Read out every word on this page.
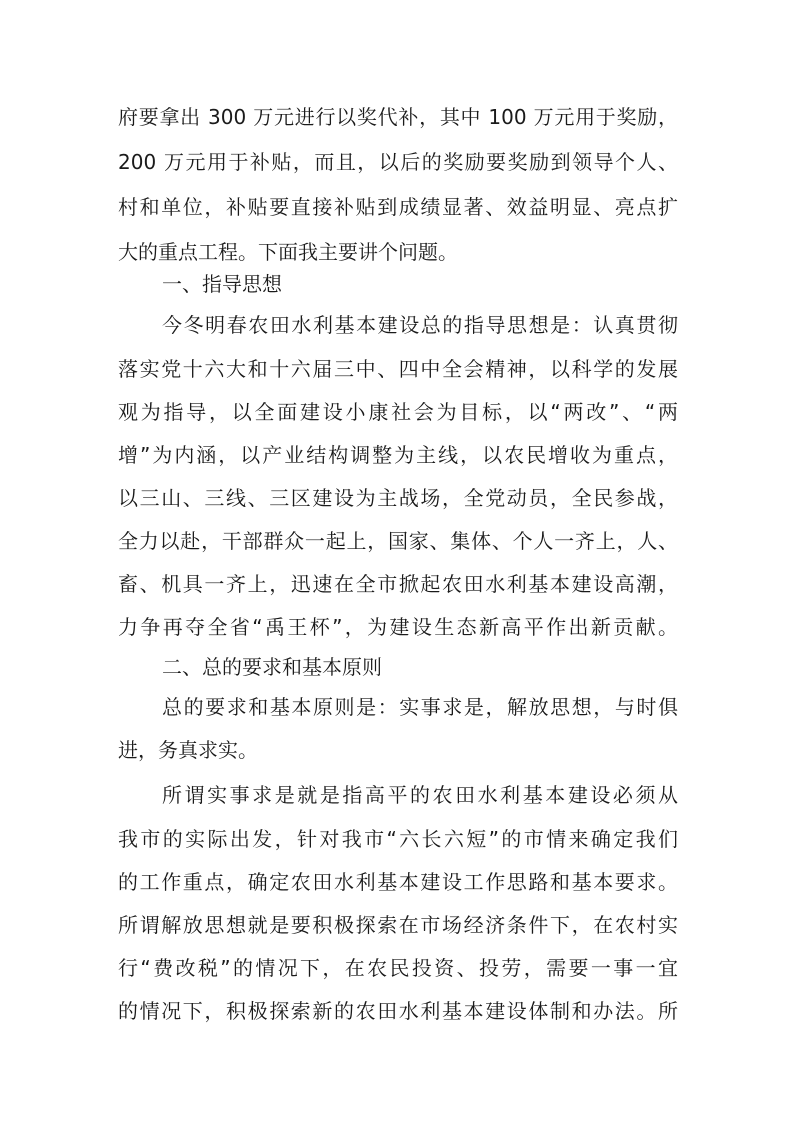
府要拿出 300 万元进行以奖代补，其中 100 万元用于奖励，
200 万元用于补贴，而且，以后的奖励要奖励到领导个人、
村和单位，补贴要直接补贴到成绩显著、效益明显、亮点扩
大的重点工程。下面我主要讲个问题。
一、指导思想
今冬明春农田水利基本建设总的指导思想是：认真贯彻
落实党十六大和十六届三中、四中全会精神，以科学的发展
观为指导，以全面建设小康社会为目标，以“两改”、“两
增”为内涵，以产业结构调整为主线，以农民增收为重点，
以三山、三线、三区建设为主战场，全党动员，全民参战，
全力以赴，干部群众一起上，国家、集体、个人一齐上，人、
畜、机具一齐上，迅速在全市掀起农田水利基本建设高潮，
力争再夺全省“禹王杯”，为建设生态新高平作出新贡献。
二、总的要求和基本原则
总的要求和基本原则是：实事求是，解放思想，与时俱
进，务真求实。
所谓实事求是就是指高平的农田水利基本建设必须从
我市的实际出发，针对我市“六长六短”的市情来确定我们
的工作重点，确定农田水利基本建设工作思路和基本要求。
所谓解放思想就是要积极探索在市场经济条件下，在农村实
行“费改税”的情况下，在农民投资、投劳，需要一事一宜
的情况下，积极探索新的农田水利基本建设体制和办法。所
